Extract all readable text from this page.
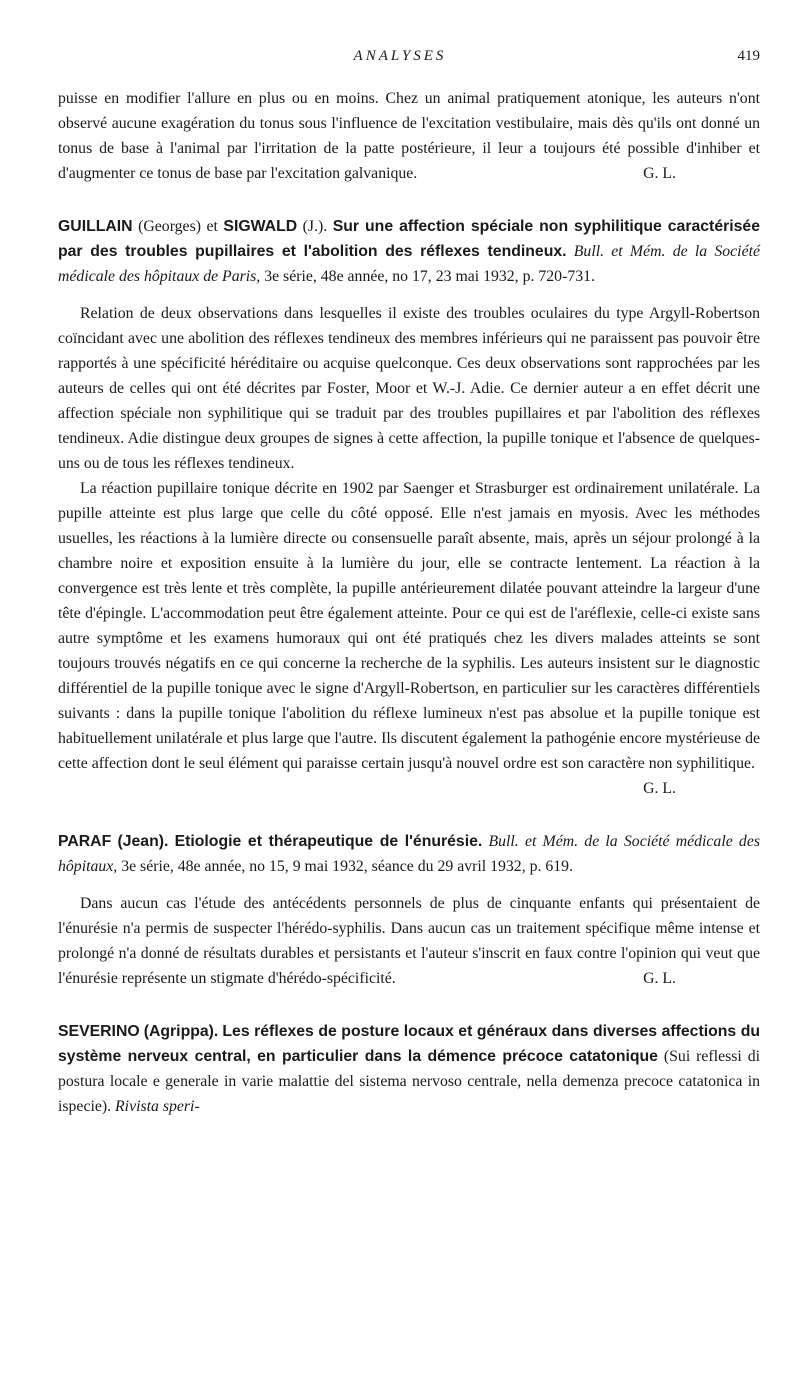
ANALYSES	419

puisse en modifier l'allure en plus ou en moins. Chez un animal pratiquement atonique, les auteurs n'ont observé aucune exagération du tonus sous l'influence de l'excitation vestibulaire, mais dès qu'ils ont donné un tonus de base à l'animal par l'irritation de la patte postérieure, il leur a toujours été possible d'inhiber et d'augmenter ce tonus de base par l'excitation galvanique.	G. L.

GUILLAIN (Georges) et SIGWALD (J.). Sur une affection spéciale non syphilitique caractérisée par des troubles pupillaires et l'abolition des réflexes tendineux. Bull. et Mém. de la Société médicale des hôpitaux de Paris, 3e série, 48e année, no 17, 23 mai 1932, p. 720-731.

Relation de deux observations dans lesquelles il existe des troubles oculaires du type Argyll-Robertson coïncidant avec une abolition des réflexes tendineux des membres inférieurs qui ne paraissent pas pouvoir être rapportés à une spécificité héréditaire ou acquise quelconque. Ces deux observations sont rapprochées par les auteurs de celles qui ont été décrites par Foster, Moor et W.-J. Adie. Ce dernier auteur a en effet décrit une affection spéciale non syphilitique qui se traduit par des troubles pupillaires et par l'abolition des réflexes tendineux. Adie distingue deux groupes de signes à cette affection, la pupille tonique et l'absence de quelques-uns ou de tous les réflexes tendineux.

La réaction pupillaire tonique décrite en 1902 par Saenger et Strasburger est ordinairement unilatérale. La pupille atteinte est plus large que celle du côté opposé. Elle n'est jamais en myosis. Avec les méthodes usuelles, les réactions à la lumière directe ou consensuelle paraît absente, mais, après un séjour prolongé à la chambre noire et exposition ensuite à la lumière du jour, elle se contracte lentement. La réaction à la convergence est très lente et très complète, la pupille antérieurement dilatée pouvant atteindre la largeur d'une tête d'épingle. L'accommodation peut être également atteinte. Pour ce qui est de l'aréflexie, celle-ci existe sans autre symptôme et les examens humoraux qui ont été pratiqués chez les divers malades atteints se sont toujours trouvés négatifs en ce qui concerne la recherche de la syphilis. Les auteurs insistent sur le diagnostic différentiel de la pupille tonique avec le signe d'Argyll-Robertson, en particulier sur les caractères différentiels suivants : dans la pupille tonique l'abolition du réflexe lumineux n'est pas absolue et la pupille tonique est habituellement unilatérale et plus large que l'autre. Ils discutent également la pathogénie encore mystérieuse de cette affection dont le seul élément qui paraisse certain jusqu'à nouvel ordre est son caractère non syphilitique.
G. L.

PARAF (Jean). Etiologie et thérapeutique de l'énurésie. Bull. et Mém. de la Société médicale des hôpitaux, 3e série, 48e année, no 15, 9 mai 1932, séance du 29 avril 1932, p. 619.

Dans aucun cas l'étude des antécédents personnels de plus de cinquante enfants qui présentaient de l'énurésie n'a permis de suspecter l'hérédo-syphilis. Dans aucun cas un traitement spécifique même intense et prolongé n'a donné de résultats durables et persistants et l'auteur s'inscrit en faux contre l'opinion qui veut que l'énurésie représente un stigmate d'hérédo-spécificité.	G. L.

SEVERINO (Agrippa). Les réflexes de posture locaux et généraux dans diverses affections du système nerveux central, en particulier dans la démence précoce catatonique (Sui reflessi di postura locale e generale in varie malattie del sistema nervoso centrale, nella demenza precoce catatonica in ispecie). Rivista speri-
